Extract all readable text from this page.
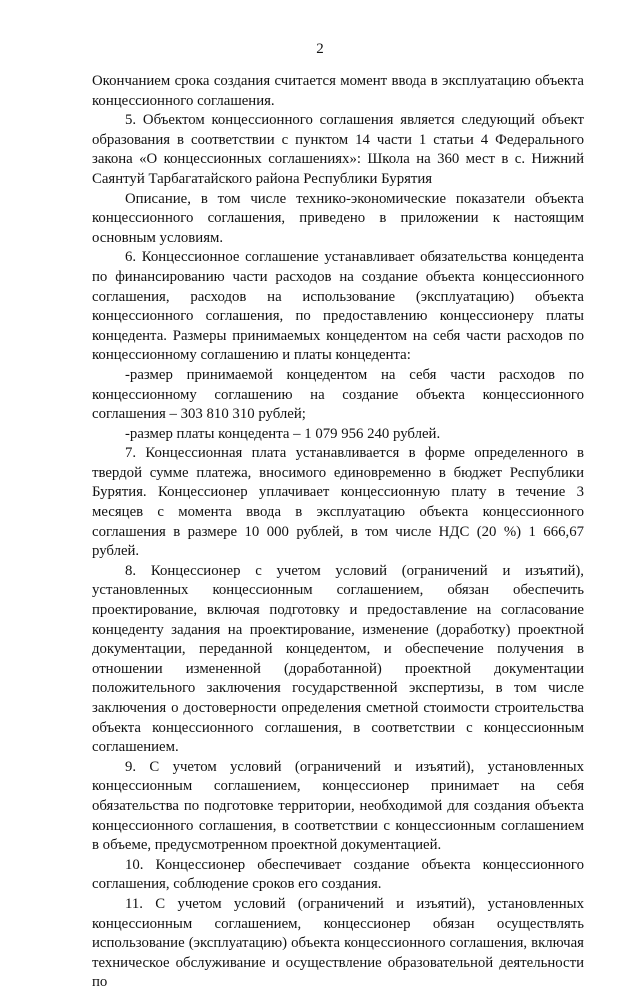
2

Окончанием срока создания считается момент ввода в эксплуатацию объекта концессионного соглашения.

5. Объектом концессионного соглашения является следующий объект образования в соответствии с пунктом 14 части 1 статьи 4 Федерального закона «О концессионных соглашениях»: Школа на 360 мест в с. Нижний Саянтуй Тарбагатайского района Республики Бурятия

Описание, в том числе технико-экономические показатели объекта концессионного соглашения, приведено в приложении к настоящим основным условиям.

6. Концессионное соглашение устанавливает обязательства концедента по финансированию части расходов на создание объекта концессионного соглашения, расходов на использование (эксплуатацию) объекта концессионного соглашения, по предоставлению концессионеру платы концедента. Размеры принимаемых концедентом на себя части расходов по концессионному соглашению и платы концедента:

-размер принимаемой концедентом на себя части расходов по концессионному соглашению на создание объекта концессионного соглашения – 303 810 310 рублей;

-размер платы концедента – 1 079 956 240 рублей.

7. Концессионная плата устанавливается в форме определенного в твердой сумме платежа, вносимого единовременно в бюджет Республики Бурятия. Концессионер уплачивает концессионную плату в течение 3 месяцев с момента ввода в эксплуатацию объекта концессионного соглашения в размере 10 000 рублей, в том числе НДС (20 %) 1 666,67 рублей.

8. Концессионер с учетом условий (ограничений и изъятий), установленных концессионным соглашением, обязан обеспечить проектирование, включая подготовку и предоставление на согласование концеденту задания на проектирование, изменение (доработку) проектной документации, переданной концедентом, и обеспечение получения в отношении измененной (доработанной) проектной документации положительного заключения государственной экспертизы, в том числе заключения о достоверности определения сметной стоимости строительства объекта концессионного соглашения, в соответствии с концессионным соглашением.

9. С учетом условий (ограничений и изъятий), установленных концессионным соглашением, концессионер принимает на себя обязательства по подготовке территории, необходимой для создания объекта концессионного соглашения, в соответствии с концессионным соглашением в объеме, предусмотренном проектной документацией.

10. Концессионер обеспечивает создание объекта концессионного соглашения, соблюдение сроков его создания.

11. С учетом условий (ограничений и изъятий), установленных концессионным соглашением, концессионер обязан осуществлять использование (эксплуатацию) объекта концессионного соглашения, включая техническое обслуживание и осуществление образовательной деятельности по
